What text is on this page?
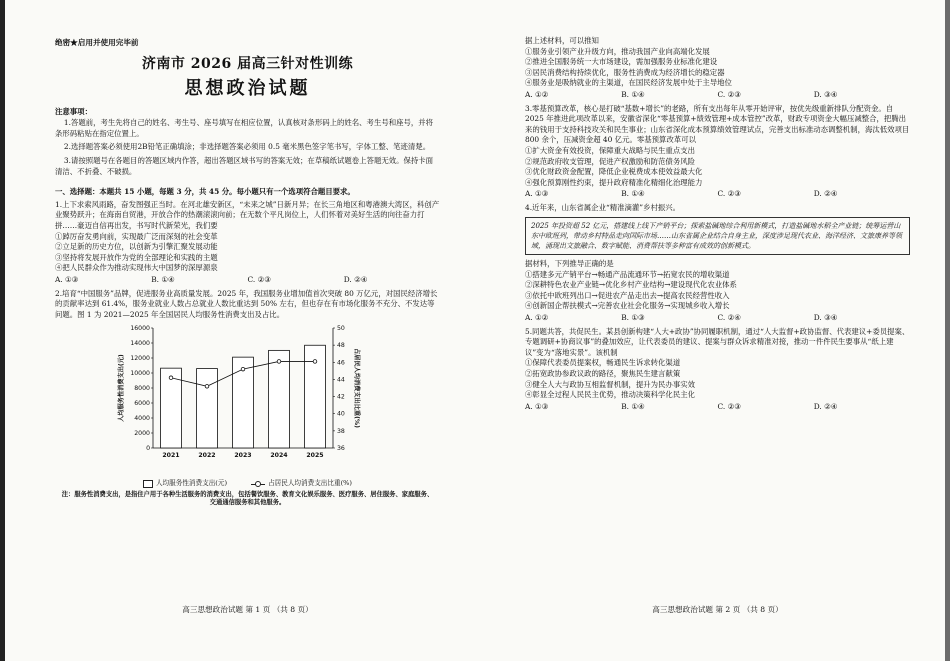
绝密★启用并使用完毕前

济南市 2026 届高三针对性训练

思想政治试题

注意事项：

1.答题前，考生先将自己的姓名、考生号、座号填写在相应位置，认真核对条形码上的姓名、考生号和座号，并将条形码粘贴在指定位置上。

2.选择题答案必须使用2B铅笔正确填涂；非选择题答案必须用 0.5 毫米黑色签字笔书写，字体工整、笔迹清楚。

3.请按照题号在各题目的答题区域内作答，超出答题区域书写的答案无效；在草稿纸试题卷上答题无效。保持卡面清洁、不折叠、不破损。

一、选择题：本题共 15 小题，每题 3 分，共 45 分。每小题只有一个选项符合题目要求。

1.上下求索风雨路，奋发图强正当时。在河北雄安新区，“未来之城”日新月异；在长三角地区和粤港澳大湾区，科创产业聚势跃升；在海南自贸港，开放合作的热潮滚滚向前；在无数个平凡岗位上，人们怀着对美好生活的向往奋力打拼……豪迈自信再出发，书写时代新荣光，我们要

①踔厉奋发勇向前，实现最广泛而深刻的社会变革

②立足新的历史方位，以创新为引擎汇聚发展动能

③坚持将发展开放作为党的全部理论和实践的主题

④把人民群众作为推动实现伟大中国梦的深厚源泉

A. ①③	B. ①④	C. ②③	D. ②④

2.培育“中国服务”品牌，促进服务业高质量发展。2025 年，我国服务业增加值首次突破 80 万亿元，对国民经济增长的贡献率达到 61.4%，服务业就业人数占总就业人数比重达到 50% 左右，但也存在有市场化服务不充分、不发达等问题。图 1 为 2021—2025 年全国居民人均服务性消费支出及占比。

0
2000
4000
6000
8000
10000
12000
14000
16000
36
38
40
42
44
46
48
50
人均服务性消费支出(元)	占居民人均消费支出比重(%)
2021	2022	2023	2024	2025
人均服务性消费支出(元)	占居民人均消费支出比重(%)

注：服务性消费支出，是指住户用于各种生活服务的消费支出，包括餐饮服务、教育文化娱乐服务、医疗服务、居住服务、家庭服务、交通通信服务和其他服务。

高三思想政治试题 第 1 页 （共 8 页）

据上述材料，可以推知

①服务业引领产业升级方向，推动我国产业向高端化发展

②推进全国服务统一大市场建设，需加强服务业标准化建设

③居民消费结构持续优化，服务性消费成为经济增长的稳定器

④服务业是吸纳就业的主渠道，在国民经济发展中处于主导地位

A. ①②	B. ①④	C. ②③	D. ③④

3.零基预算改革，核心是打破“基数+增长”的老路，所有支出每年从零开始评审，按优先级重新排队分配资金。自 2025 年推进此项改革以来，安徽省深化“零基预算+绩效管理+成本管控”改革，财政专项资金大幅压减整合，把腾出来的钱用于支持科技攻关和民生事业；山东省深化成本预算绩效管理试点，完善支出标准动态调整机制，海汰低效项目 800 余个，压减资金超 40 亿元。零基预算改革可以

①扩大资金有效投资，保障重大战略与民生重点支出

②规范政府收支管理，促进产权激励和防范债务风险

③优化财政资金配置，降低企业税费成本使效益最大化

④强化预算刚性约束，提升政府精准化精细化治理能力

A. ①③	B. ①④	C. ②③	D. ②④

4.近年来，山东省属企业“精准滴灌”乡村振兴。

2025 年投资超 52 亿元，搭建线上线下产销平台；探索盐碱地综合利用新模式，打造盐碱地水稻全产业链；统筹运营山东中欧班列，带动乡村特品走向国际市场……山东省属企业结合自身主业，深度涉足现代农业、海洋经济、文旅康养等领域，涌现出文旅融合、数字赋能、消费帮扶等多种富有成效的创新模式。

据材料，下列推导正确的是

①搭建多元产销平台→畅通产品流通环节→拓宽农民的增收渠道

②深耕特色农业产业链→优化乡村产业结构→建设现代化农业体系

③依托中欧班列出口→促进农产品走出去→提高农民经营性收入

④创新国企帮扶模式→完善农业社会化服务→实现城乡收入增长

A. ①②	B. ①③	C. ②④	D. ③④

5.同题共答，共促民生。某县创新构建“人大+政协”协同履职机制，通过“人大监督+政协监督、代表建议+委员提案、专题调研+协商议事”的叠加效应，让代表委员的建议、提案与群众诉求精准对接，推动一件件民生要事从“纸上建议”变为“落地实景”。该机制

①保障代表委员提案权，畅通民生诉求转化渠道

②拓宽政协参政议政的路径，聚焦民生建言献策

③健全人大与政协互相监督机制，提升为民办事实效

④彰显全过程人民民主优势，推动决策科学化民主化

A. ①③	B. ①④	C. ②③	D. ②④
高三思想政治试题 第 2 页 （共 8 页）
